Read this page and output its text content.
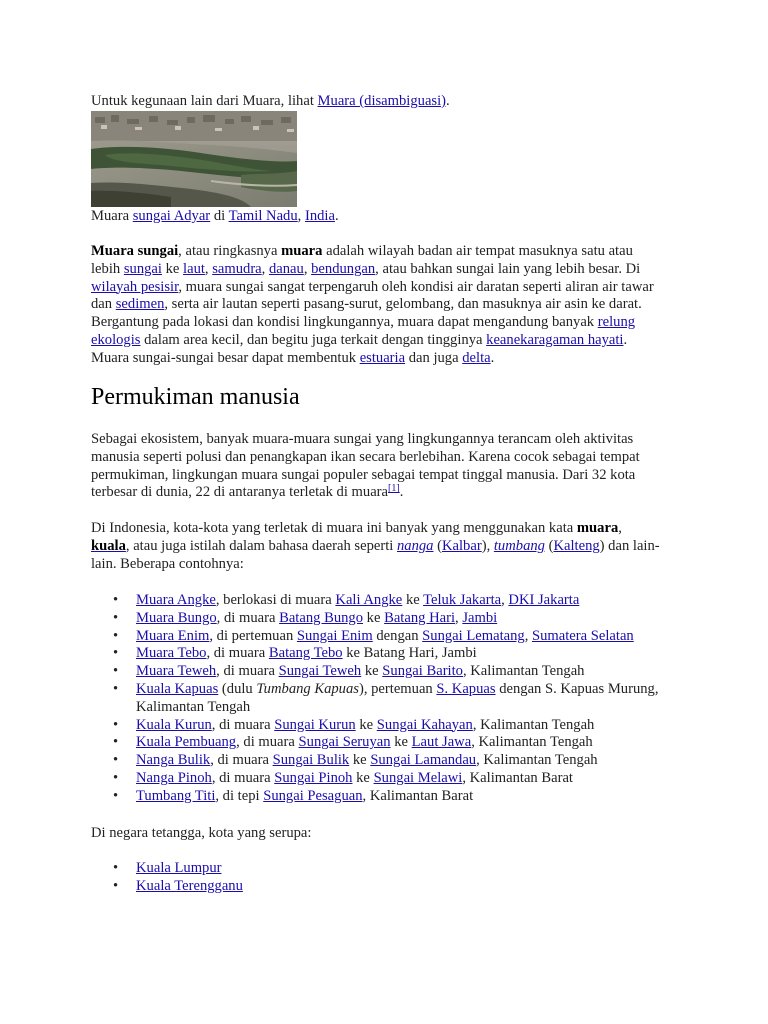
Untuk kegunaan lain dari Muara, lihat Muara (disambiguasi).

Muara sungai Adyar di Tamil Nadu, India.

Muara sungai, atau ringkasnya muara adalah wilayah badan air tempat masuknya satu atau

lebih sungai ke laut, samudra, danau, bendungan, atau bahkan sungai lain yang lebih besar. Di

wilayah pesisir, muara sungai sangat terpengaruh oleh kondisi air daratan seperti aliran air tawar

dan sedimen, serta air lautan seperti pasang-surut, gelombang, dan masuknya air asin ke darat.

Bergantung pada lokasi dan kondisi lingkungannya, muara dapat mengandung banyak relung

ekologis dalam area kecil, dan begitu juga terkait dengan tingginya keanekaragaman hayati.

Muara sungai-sungai besar dapat membentuk estuaria dan juga delta.

Permukiman manusia

Sebagai ekosistem, banyak muara-muara sungai yang lingkungannya terancam oleh aktivitas

manusia seperti polusi dan penangkapan ikan secara berlebihan. Karena cocok sebagai tempat

permukiman, lingkungan muara sungai populer sebagai tempat tinggal manusia. Dari 32 kota

terbesar di dunia, 22 di antaranya terletak di muara[1].

Di Indonesia, kota-kota yang terletak di muara ini banyak yang menggunakan kata muara,

kuala, atau juga istilah dalam bahasa daerah seperti nanga (Kalbar), tumbang (Kalteng) dan lain-

lain. Beberapa contohnya:

• Muara Angke, berlokasi di muara Kali Angke ke Teluk Jakarta, DKI Jakarta
• Muara Bungo, di muara Batang Bungo ke Batang Hari, Jambi
• Muara Enim, di pertemuan Sungai Enim dengan Sungai Lematang, Sumatera Selatan
• Muara Tebo, di muara Batang Tebo ke Batang Hari, Jambi
• Muara Teweh, di muara Sungai Teweh ke Sungai Barito, Kalimantan Tengah
• Kuala Kapuas (dulu Tumbang Kapuas), pertemuan S. Kapuas dengan S. Kapuas Murung,
Kalimantan Tengah
• Kuala Kurun, di muara Sungai Kurun ke Sungai Kahayan, Kalimantan Tengah
• Kuala Pembuang, di muara Sungai Seruyan ke Laut Jawa, Kalimantan Tengah
• Nanga Bulik, di muara Sungai Bulik ke Sungai Lamandau, Kalimantan Tengah
• Nanga Pinoh, di muara Sungai Pinoh ke Sungai Melawi, Kalimantan Barat
• Tumbang Titi, di tepi Sungai Pesaguan, Kalimantan Barat

Di negara tetangga, kota yang serupa:

• Kuala Lumpur
• Kuala Terengganu
